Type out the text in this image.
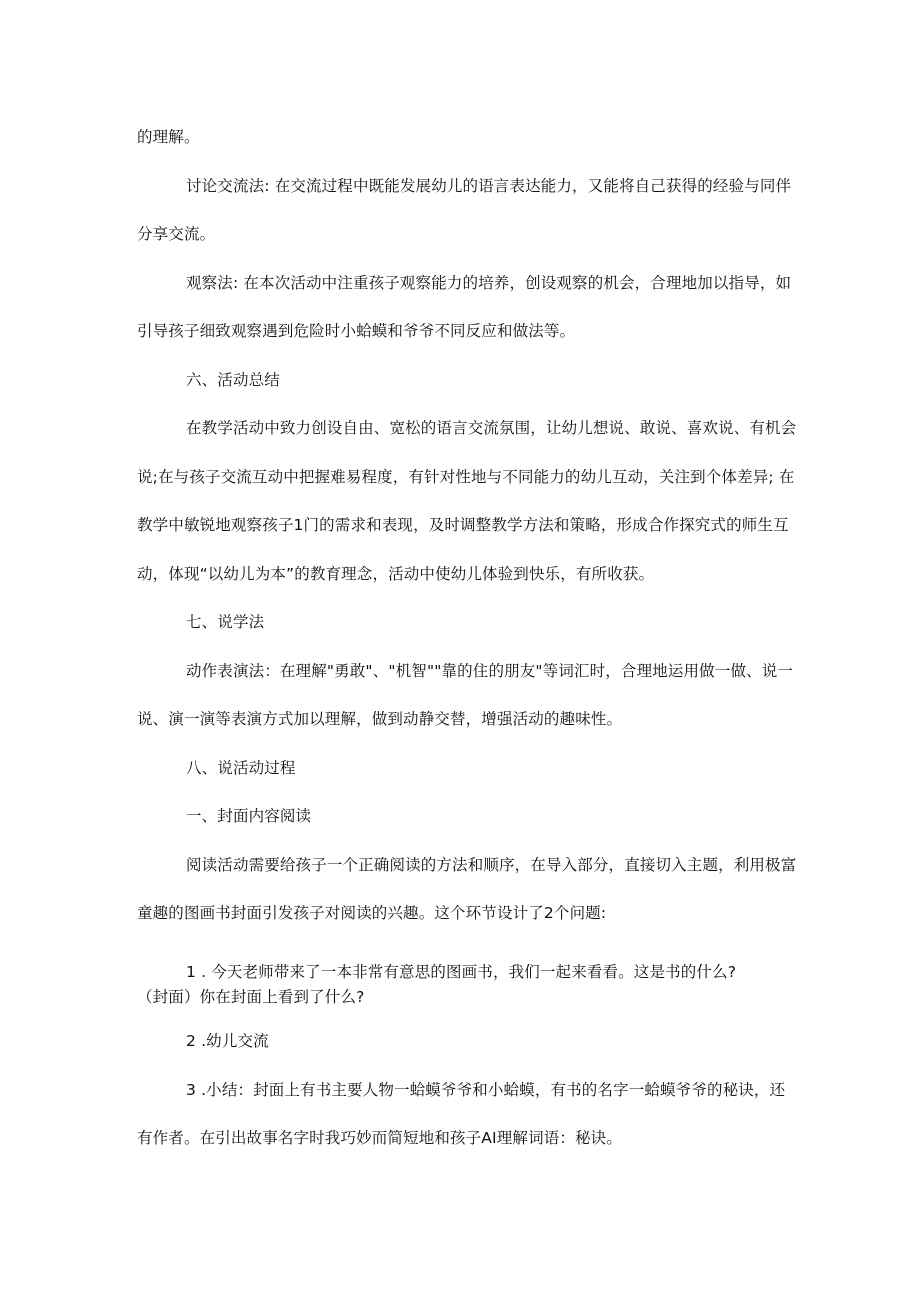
的理解。
讨论交流法: 在交流过程中既能发展幼儿的语言表达能力，又能将自己获得的经验与同伴
分享交流。
观察法: 在本次活动中注重孩子观察能力的培养，创设观察的机会，合理地加以指导，如
引导孩子细致观察遇到危险时小蛤蟆和爷爷不同反应和做法等。
六、活动总结
在教学活动中致力创设自由、宽松的语言交流氛围，让幼儿想说、敢说、喜欢说、有机会
说;在与孩子交流互动中把握难易程度，有针对性地与不同能力的幼儿互动，关注到个体差异; 在
教学中敏锐地观察孩子1门的需求和表现，及时调整教学方法和策略，形成合作探究式的师生互
动，体现“以幼儿为本”的教育理念，活动中使幼儿体验到快乐，有所收获。
七、说学法
动作表演法：在理解"勇敢"、"机智""靠的住的朋友"等词汇时，合理地运用做一做、说一
说、演一演等表演方式加以理解，做到动静交替，增强活动的趣味性。
八、说活动过程
一、封面内容阅读
阅读活动需要给孩子一个正确阅读的方法和顺序，在导入部分，直接切入主题，利用极富
童趣的图画书封面引发孩子对阅读的兴趣。这个环节设计了2个问题:
1 . 今天老师带来了一本非常有意思的图画书，我们一起来看看。这是书的什么?
（封面）你在封面上看到了什么?
2 .幼儿交流
3 .小结：封面上有书主要人物一蛤蟆爷爷和小蛤蟆，有书的名字一蛤蟆爷爷的秘诀，还
有作者。在引出故事名字时我巧妙而简短地和孩子AI理解词语：秘诀。
